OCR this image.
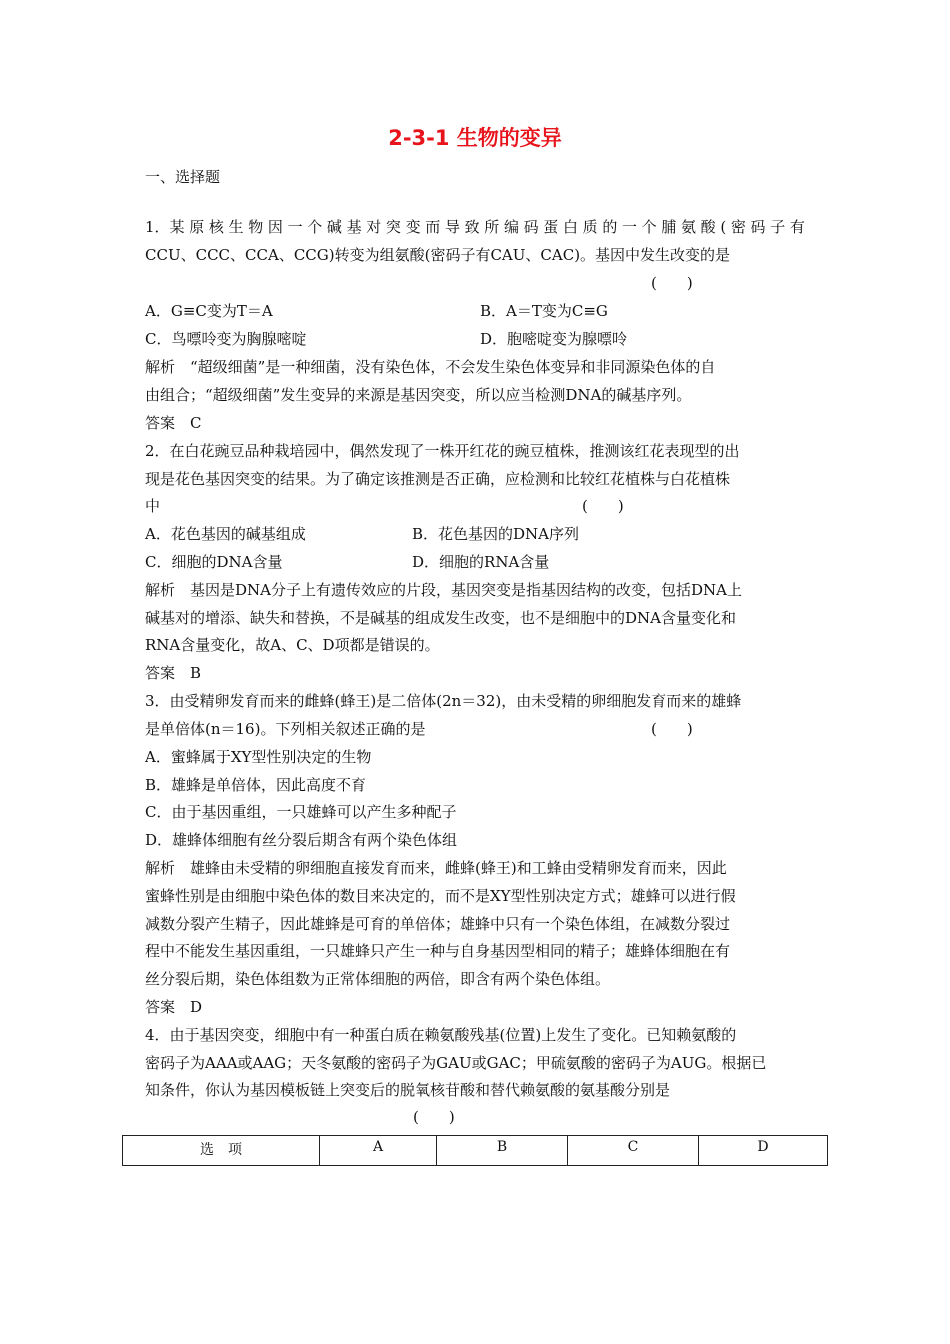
2-3-1 生物的变异
一、选择题
1．某 原 核 生 物 因 一 个 碱 基 对 突 变 而 导 致 所 编 码 蛋 白 质 的 一 个 脯 氨 酸 ( 密 码 子 有
CCU、CCC、CCA、CCG)转变为组氨酸(密码子有CAU、CAC)。基因中发生改变的是
(　　)
A．G≡C变为T＝A	B．A＝T变为C≡G
C．鸟嘌呤变为胸腺嘧啶	D．胞嘧啶变为腺嘌呤
解析　“超级细菌”是一种细菌，没有染色体，不会发生染色体变异和非同源染色体的自
由组合；“超级细菌”发生变异的来源是基因突变，所以应当检测DNA的碱基序列。
答案　C
2．在白花豌豆品种栽培园中，偶然发现了一株开红花的豌豆植株，推测该红花表现型的出
现是花色基因突变的结果。为了确定该推测是否正确，应检测和比较红花植株与白花植株
中	(　　)
A．花色基因的碱基组成	B．花色基因的DNA序列
C．细胞的DNA含量	D．细胞的RNA含量
解析　基因是DNA分子上有遗传效应的片段，基因突变是指基因结构的改变，包括DNA上
碱基对的增添、缺失和替换，不是碱基的组成发生改变，也不是细胞中的DNA含量变化和
RNA含量变化，故A、C、D项都是错误的。
答案　B
3．由受精卵发育而来的雌蜂(蜂王)是二倍体(2n＝32)，由未受精的卵细胞发育而来的雄蜂
是单倍体(n＝16)。下列相关叙述正确的是	(　　)
A．蜜蜂属于XY型性别决定的生物
B．雄蜂是单倍体，因此高度不育
C．由于基因重组，一只雄蜂可以产生多种配子
D．雄蜂体细胞有丝分裂后期含有两个染色体组
解析　雄蜂由未受精的卵细胞直接发育而来，雌蜂(蜂王)和工蜂由受精卵发育而来，因此
蜜蜂性别是由细胞中染色体的数目来决定的，而不是XY型性别决定方式；雄蜂可以进行假
减数分裂产生精子，因此雄蜂是可育的单倍体；雄蜂中只有一个染色体组，在减数分裂过
程中不能发生基因重组，一只雄蜂只产生一种与自身基因型相同的精子；雄蜂体细胞在有
丝分裂后期，染色体组数为正常体细胞的两倍，即含有两个染色体组。
答案　D
4．由于基因突变，细胞中有一种蛋白质在赖氨酸残基(位置)上发生了变化。已知赖氨酸的
密码子为AAA或AAG；天冬氨酸的密码子为GAU或GAC；甲硫氨酸的密码子为AUG。根据已
知条件，你认为基因模板链上突变后的脱氧核苷酸和替代赖氨酸的氨基酸分别是
(　　)
选　项	A	B	C	D
